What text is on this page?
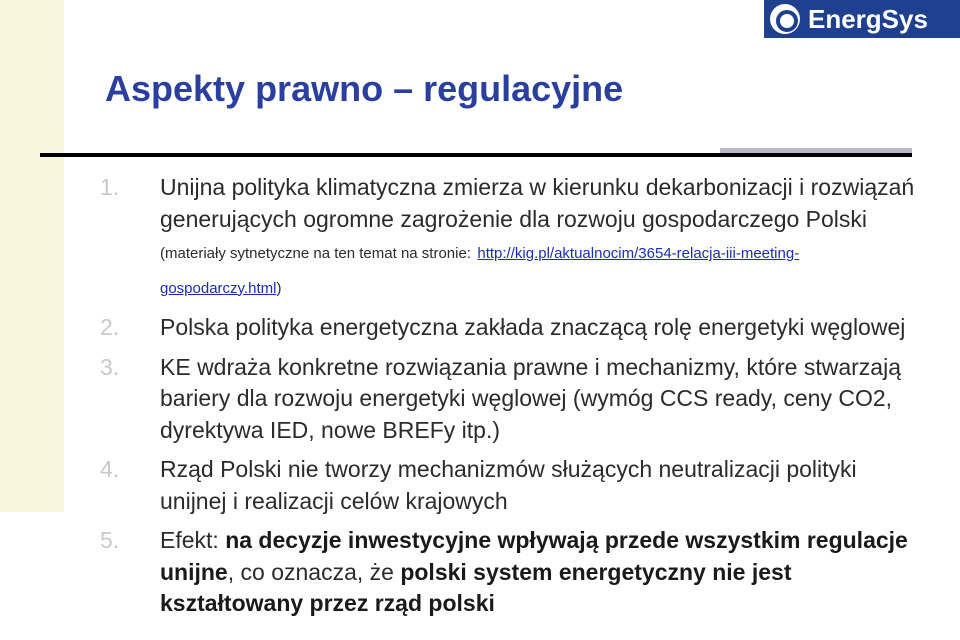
EnergSys
Aspekty prawno – regulacyjne
1.	Unijna polityka klimatyczna zmierza w kierunku dekarbonizacji i rozwiązań generujących ogromne zagrożenie dla rozwoju gospodarczego Polski (materiały sytnetyczne na ten temat na stronie: http://kig.pl/aktualnocim/3654-relacja-iii-meeting-gospodarczy.html)
2.	Polska polityka energetyczna zakłada znaczącą rolę energetyki węglowej
3.	KE wdraża konkretne rozwiązania prawne i mechanizmy, które stwarzają bariery dla rozwoju energetyki węglowej (wymóg CCS ready, ceny CO2, dyrektywa IED, nowe BREFy itp.)
4.	Rząd Polski nie tworzy mechanizmów służących neutralizacji polityki unijnej i realizacji celów krajowych
5.	Efekt: na decyzje inwestycyjne wpływają przede wszystkim regulacje unijne, co oznacza, że polski system energetyczny nie jest kształtowany przez rząd polski
